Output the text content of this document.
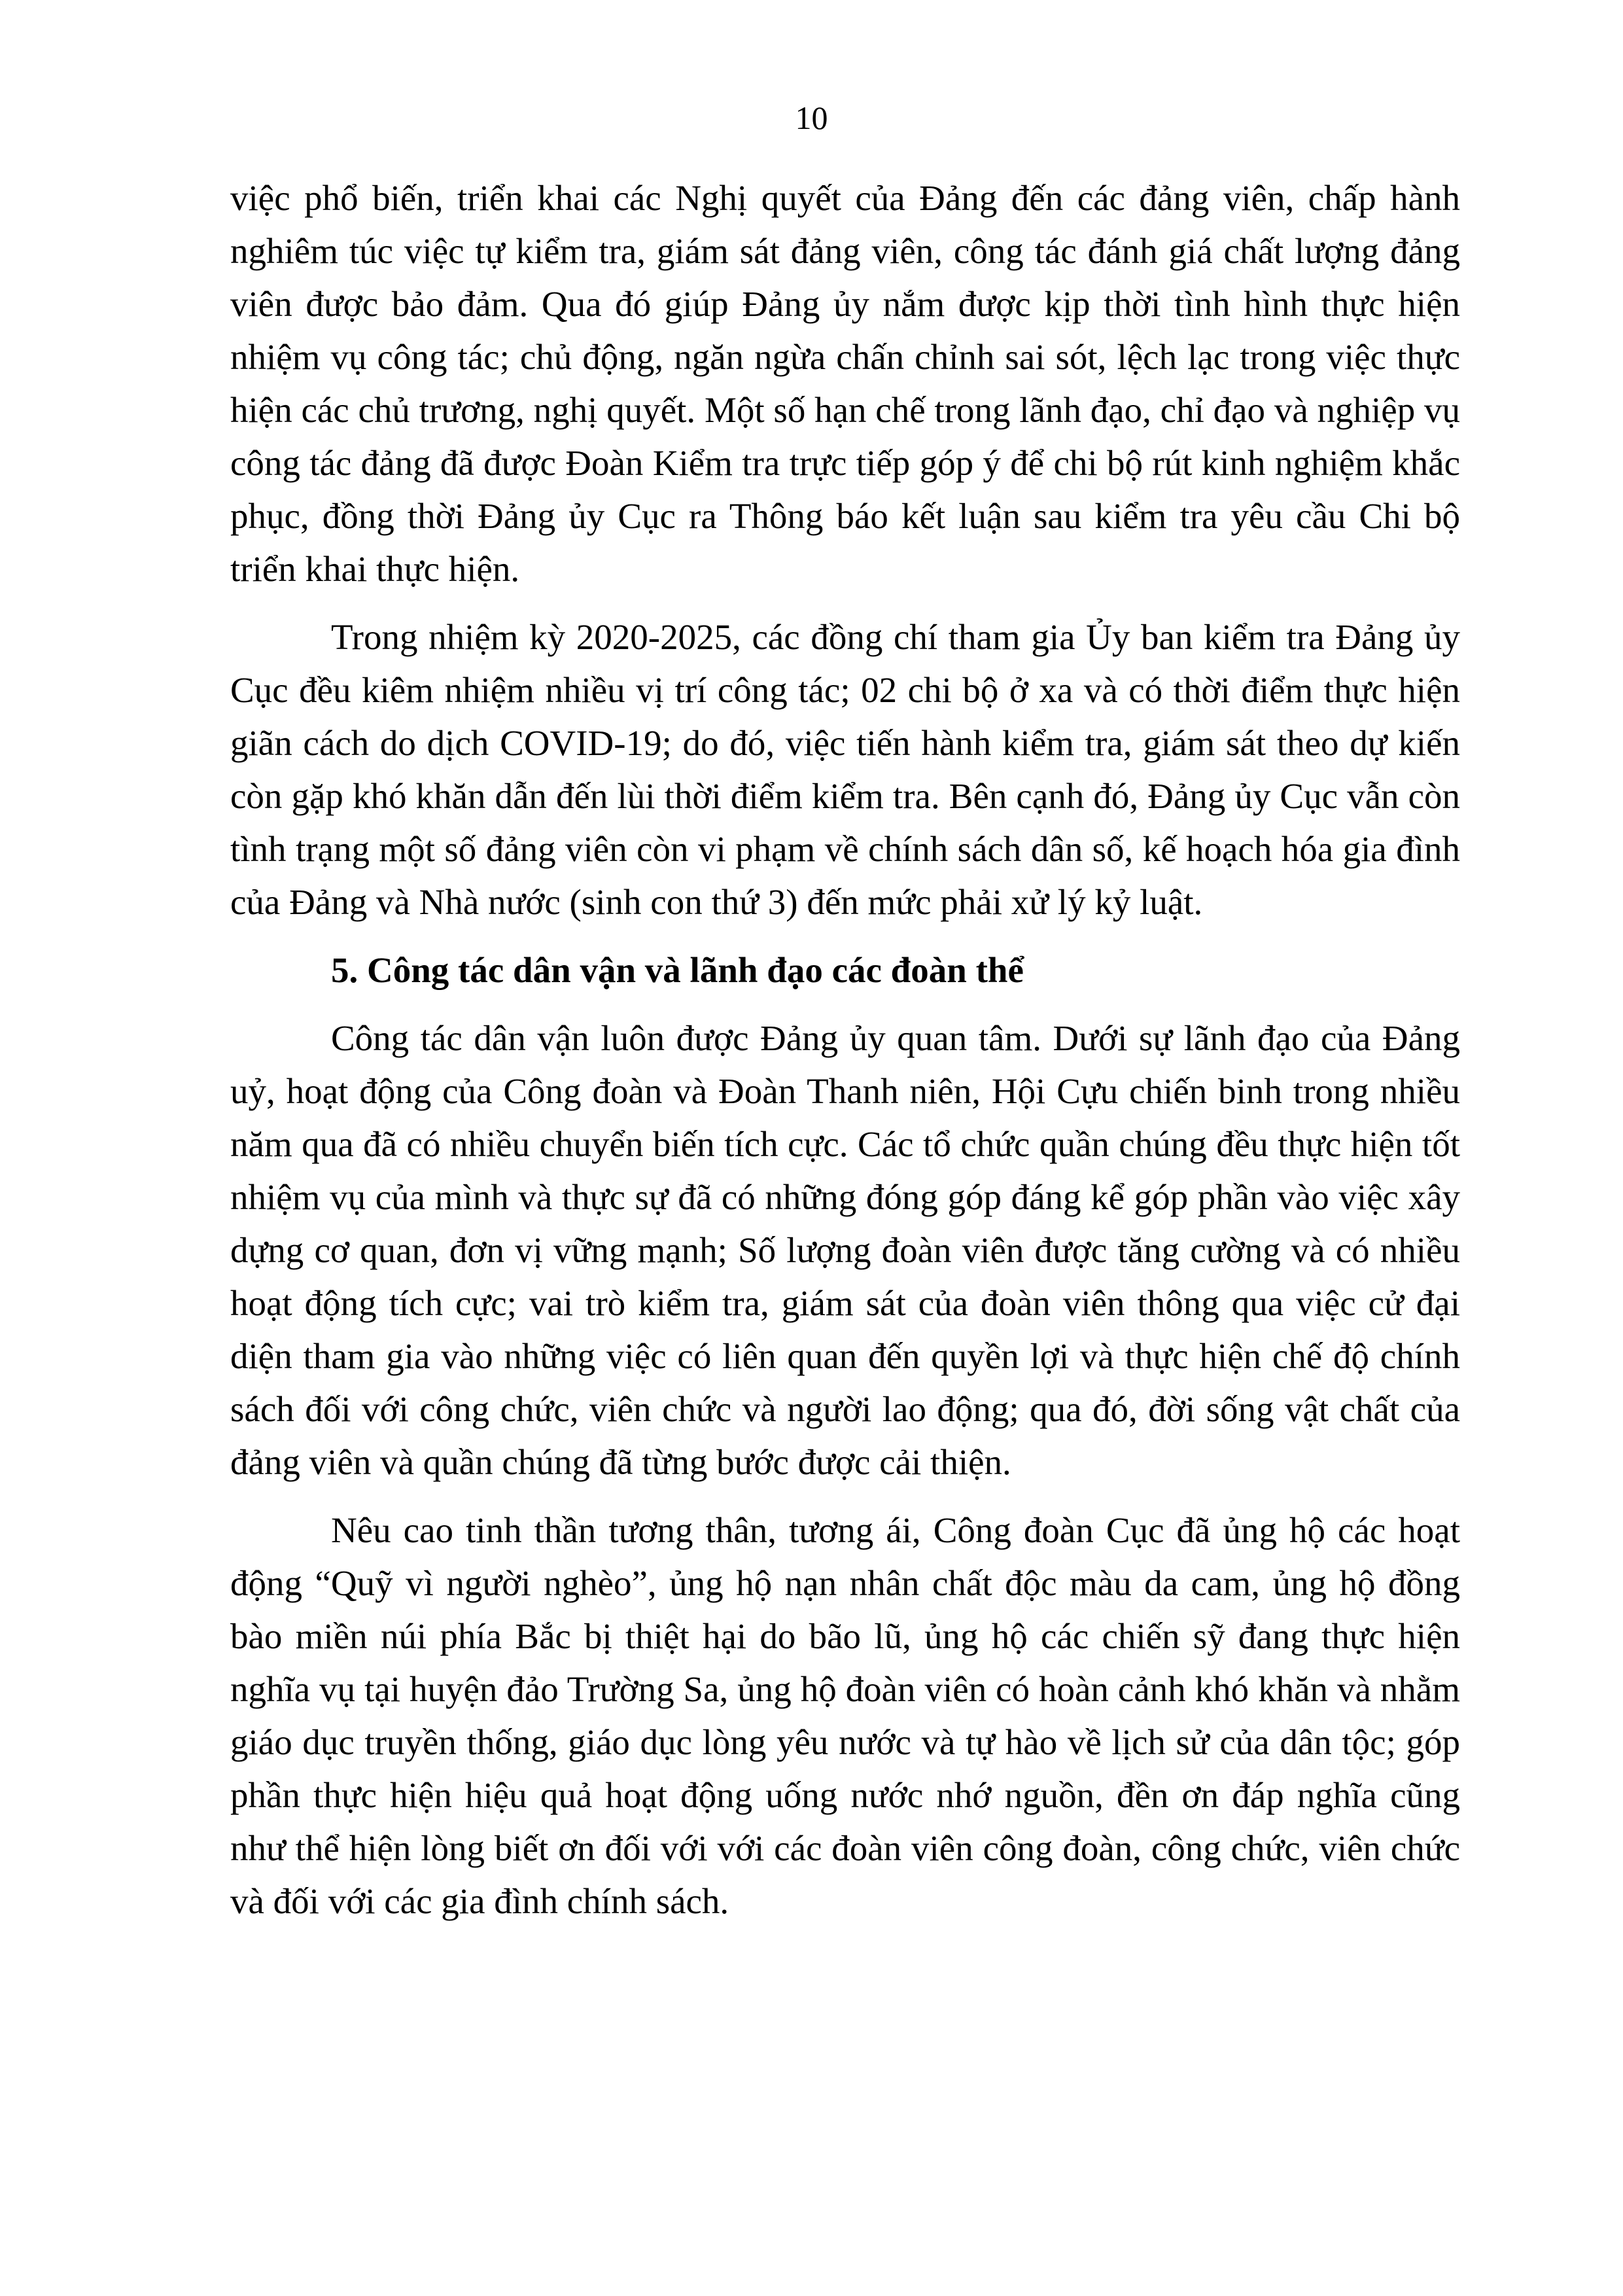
10

việc phổ biến, triển khai các Nghị quyết của Đảng đến các đảng viên, chấp hành nghiêm túc việc tự kiểm tra, giám sát đảng viên, công tác đánh giá chất lượng đảng viên được bảo đảm. Qua đó giúp Đảng ủy nắm được kịp thời tình hình thực hiện nhiệm vụ công tác; chủ động, ngăn ngừa chấn chỉnh sai sót, lệch lạc trong việc thực hiện các chủ trương, nghị quyết. Một số hạn chế trong lãnh đạo, chỉ đạo và nghiệp vụ công tác đảng đã được Đoàn Kiểm tra trực tiếp góp ý để chi bộ rút kinh nghiệm khắc phục, đồng thời Đảng ủy Cục ra Thông báo kết luận sau kiểm tra yêu cầu Chi bộ triển khai thực hiện.

Trong nhiệm kỳ 2020-2025, các đồng chí tham gia Ủy ban kiểm tra Đảng ủy Cục đều kiêm nhiệm nhiều vị trí công tác; 02 chi bộ ở xa và có thời điểm thực hiện giãn cách do dịch COVID-19; do đó, việc tiến hành kiểm tra, giám sát theo dự kiến còn gặp khó khăn dẫn đến lùi thời điểm kiểm tra. Bên cạnh đó, Đảng ủy Cục vẫn còn tình trạng một số đảng viên còn vi phạm về chính sách dân số, kế hoạch hóa gia đình của Đảng và Nhà nước (sinh con thứ 3) đến mức phải xử lý kỷ luật.

5. Công tác dân vận và lãnh đạo các đoàn thể

Công tác dân vận luôn được Đảng ủy quan tâm. Dưới sự lãnh đạo của Đảng uỷ, hoạt động của Công đoàn và Đoàn Thanh niên, Hội Cựu chiến binh trong nhiều năm qua đã có nhiều chuyển biến tích cực. Các tổ chức quần chúng đều thực hiện tốt nhiệm vụ của mình và thực sự đã có những đóng góp đáng kể góp phần vào việc xây dựng cơ quan, đơn vị vững mạnh; Số lượng đoàn viên được tăng cường và có nhiều hoạt động tích cực; vai trò kiểm tra, giám sát của đoàn viên thông qua việc cử đại diện tham gia vào những việc có liên quan đến quyền lợi và thực hiện chế độ chính sách đối với công chức, viên chức và người lao động; qua đó, đời sống vật chất của đảng viên và quần chúng đã từng bước được cải thiện.

Nêu cao tinh thần tương thân, tương ái, Công đoàn Cục đã ủng hộ các hoạt động “Quỹ vì người nghèo”, ủng hộ nạn nhân chất độc màu da cam, ủng hộ đồng bào miền núi phía Bắc bị thiệt hại do bão lũ, ủng hộ các chiến sỹ đang thực hiện nghĩa vụ tại huyện đảo Trường Sa, ủng hộ đoàn viên có hoàn cảnh khó khăn và nhằm giáo dục truyền thống, giáo dục lòng yêu nước và tự hào về lịch sử của dân tộc; góp phần thực hiện hiệu quả hoạt động uống nước nhớ nguồn, đền ơn đáp nghĩa cũng như thể hiện lòng biết ơn đối với với các đoàn viên công đoàn, công chức, viên chức và đối với các gia đình chính sách.
